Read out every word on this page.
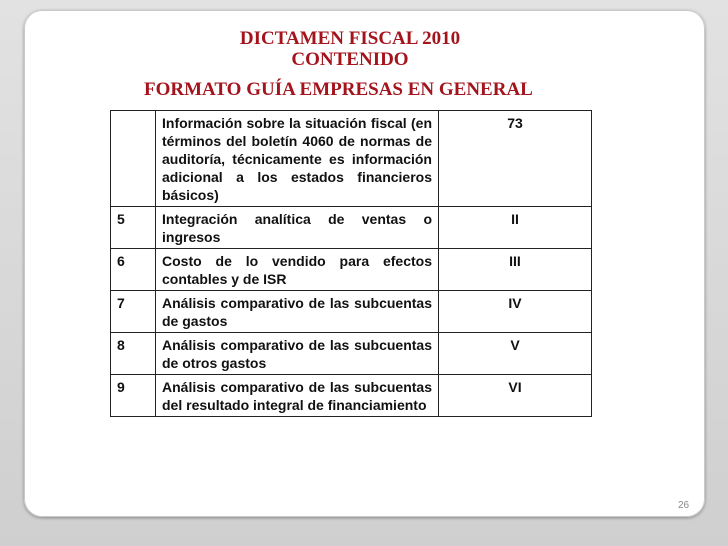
DICTAMEN FISCAL 2010
CONTENIDO
FORMATO GUÍA EMPRESAS EN GENERAL
	Información sobre la situación fiscal (en términos del boletín 4060 de normas de auditoría, técnicamente es información adicional a los estados financieros básicos)	73
5	Integración analítica de ventas o ingresos	II
6	Costo de lo vendido para efectos contables y de ISR	III
7	Análisis comparativo de las subcuentas de gastos	IV
8	Análisis comparativo de las subcuentas de otros gastos	V
9	Análisis comparativo de las subcuentas del resultado integral de financiamiento	VI
26
